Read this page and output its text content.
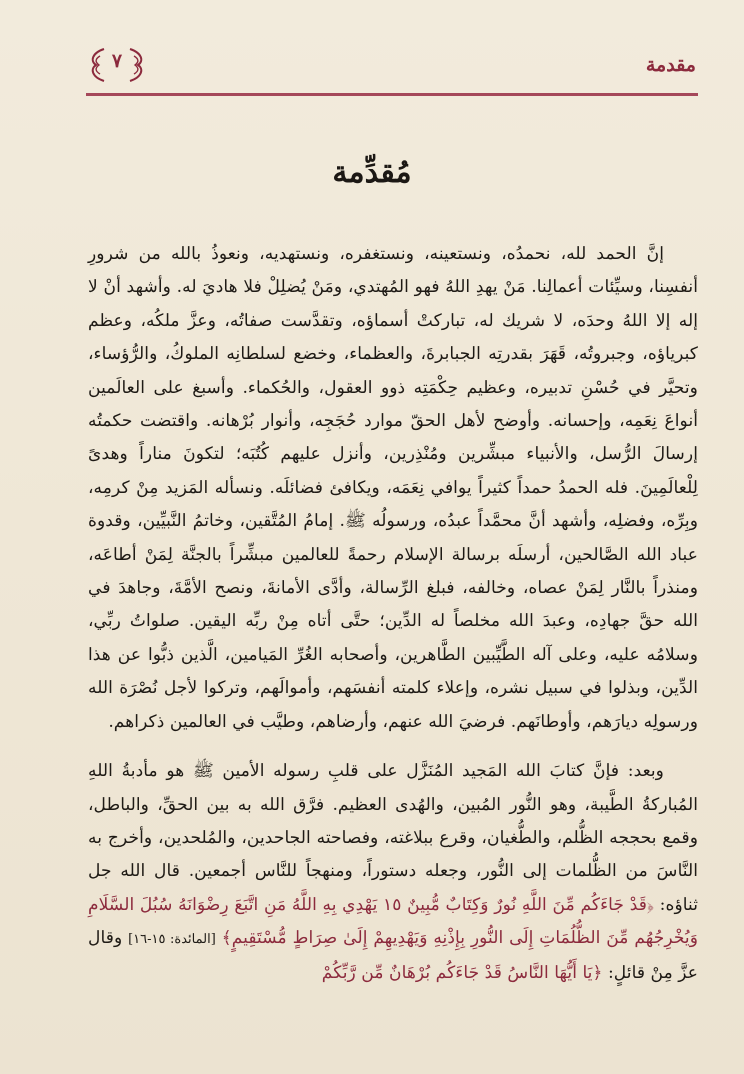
٧	مقدمة
مُقدِّمة

إنَّ الحمد لله، نحمدُه، ونستعينه، ونستغفره، ونستهديه، ونعوذُ بالله من شرورِ أنفسِنا، وسيِّئات أعمالِنا. مَنْ يهدِ اللهُ فهو المُهتدي، ومَنْ يُضلِلْ فلا هاديَ له. وأشهد أنْ لا إله إلا اللهُ وحدَه، لا شريك له، تباركتْ أسماؤه، وتقدَّست صفاتُه، وعزَّ ملكُه، وعظم كبرياؤه، وجبروتُه، قَهَرَ بقدرتِه الجبابرةَ، والعظماء، وخضع لسلطانِه الملوكُ، والرُّؤساء، وتحيَّر في حُسْنِ تدبيره، وعظيم حِكْمَتِه ذوو العقول، والحُكماء. وأسبغ على العالَمين أنواعَ نِعَمِه، وإحسانه. وأوضح لأهل الحقّ موارد حُجَجِه، وأنوار بُرْهانه. واقتضت حكمتُه إرسالَ الرُّسل، والأنبياء مبشِّرين ومُنْذِرين، وأنزل عليهم كُتُبَه؛ لتكونَ مناراً وهدىً لِلْعالَمِينَ. فله الحمدُ حمداً كثيراً يوافي نِعَمَه، ويكافئ فضائلَه. ونسأله المَزيد مِنْ كرمِه، وبِرِّه، وفضلِه، وأشهد أنَّ محمَّداً عبدُه، ورسولُه ﷺ. إمامُ المُتَّقين، وخاتمُ النَّبيِّين، وقدوة عباد الله الصَّالحين، أرسلَه برسالة الإسلام رحمةً للعالمين مبشِّراً بالجنَّة لِمَنْ أطاعَه، ومنذراً بالنَّار لِمَنْ عصاه، وخالفه، فبلغ الرِّسالة، وأدَّى الأمانةَ، ونصح الأمَّةَ، وجاهدَ في الله حقَّ جهادِه، وعبدَ الله مخلصاً له الدِّين؛ حتَّى أتاه مِنْ ربِّه اليقين. صلواتُ ربِّي، وسلامُه عليه، وعلى آله الطَّيِّبين الطَّاهرين، وأصحابه الغُرِّ المَيامين، الَّذين ذبُّوا عن هذا الدِّين، وبذلوا في سبيل نشره، وإعلاء كلمته أنفسَهم، وأموالَهم، وتركوا لأجل نُصْرَة الله ورسولِه ديارَهم، وأوطانَهم. فرضيَ الله عنهم، وأرضاهم، وطيَّب في العالمين ذكراهم.

وبعد: فإنَّ كتابَ الله المَجيد المُنَزَّل على قلبِ رسوله الأمين ﷺ هو مأدبةُ اللهِ المُباركةُ الطَّيبة، وهو النُّور المُبين، والهُدى العظيم. فرَّق الله به بين الحقِّ، والباطل، وقمع بحججه الظُّلم، والطُّغيان، وقرع ببلاغته، وفصاحته الجاحدين، والمُلحدين، وأخرج به النَّاسَ من الظُّلمات إلى النُّور، وجعله دستوراً، ومنهجاً للنَّاس أجمعين. قال الله جل ثناؤه: ﴿قَدْ جَاءَكُم مِّنَ اللَّهِ نُورٌ وَكِتَابٌ مُّبِينٌ ١٥ يَهْدِي بِهِ اللَّهُ مَنِ اتَّبَعَ رِضْوَانَهُ سُبُلَ السَّلَامِ وَيُخْرِجُهُم مِّنَ الظُّلُمَاتِ إِلَى النُّورِ بِإِذْنِهِ وَيَهْدِيهِمْ إِلَىٰ صِرَاطٍ مُّسْتَقِيمٍ﴾ [المائدة: ١٥-١٦] وقال عزَّ مِنْ قائلٍ: ﴿يَا أَيُّهَا النَّاسُ قَدْ جَاءَكُم بُرْهَانٌ مِّن رَّبِّكُمْ
